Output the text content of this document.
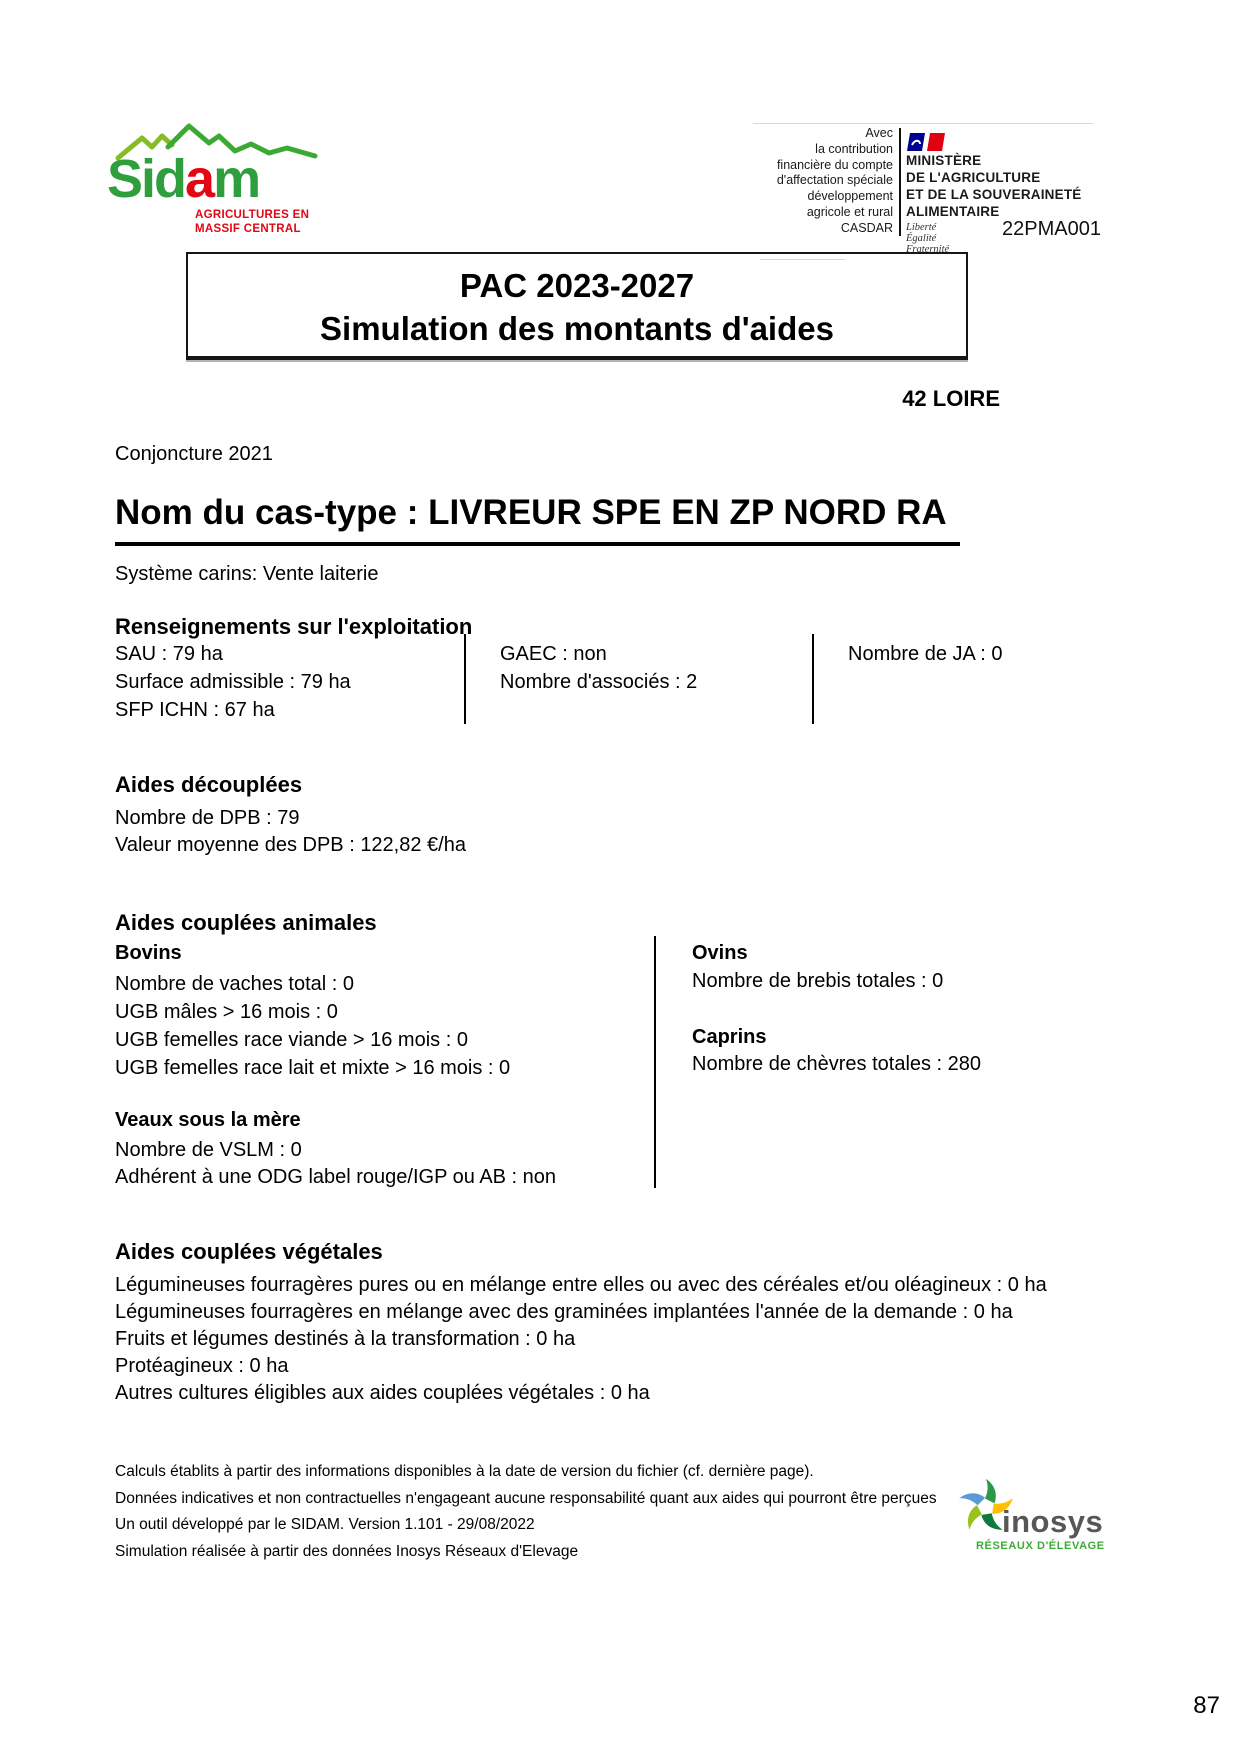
Sidam
AGRICULTURES EN
MASSIF CENTRAL
Avec
la contribution
financière du compte
d'affectation spéciale
développement
agricole et rural
CASDAR
MINISTÈRE
DE L'AGRICULTURE
ET DE LA SOUVERAINETÉ
ALIMENTAIRE
Liberté
Égalité
Fraternité
22PMA001
PAC 2023-2027
Simulation des montants d'aides
42 LOIRE
Conjoncture 2021
Nom du cas-type : LIVREUR SPE EN ZP NORD RA
Système carins: Vente laiterie
Renseignements sur l'exploitation
SAU : 79 ha
Surface admissible : 79 ha
SFP ICHN : 67 ha
GAEC : non
Nombre d'associés : 2
Nombre de JA : 0
Aides découplées
Nombre de DPB : 79
Valeur moyenne des DPB : 122,82 €/ha
Aides couplées animales
Bovins
Nombre de vaches total : 0
UGB mâles > 16 mois : 0
UGB femelles race viande > 16 mois : 0
UGB femelles race lait et mixte > 16 mois : 0
Veaux sous la mère
Nombre de VSLM : 0
Adhérent à une ODG label rouge/IGP ou AB : non
Ovins
Nombre de brebis totales : 0
Caprins
Nombre de chèvres totales : 280
Aides couplées végétales
Légumineuses fourragères pures ou en mélange entre elles ou avec des céréales et/ou oléagineux : 0 ha
Légumineuses fourragères en mélange avec des graminées implantées l'année de la demande : 0 ha
Fruits et légumes destinés à la transformation : 0 ha
Protéagineux : 0 ha
Autres cultures éligibles aux aides couplées végétales : 0 ha
Calculs établits à partir des informations disponibles à la date de version du fichier (cf. dernière page).
Données indicatives et non contractuelles n'engageant aucune responsabilité quant aux aides qui pourront être perçues
Un outil développé par le SIDAM. Version 1.101 - 29/08/2022
Simulation réalisée à partir des données Inosys Réseaux d'Elevage
inosys
RÉSEAUX D'ÉLEVAGE
87
